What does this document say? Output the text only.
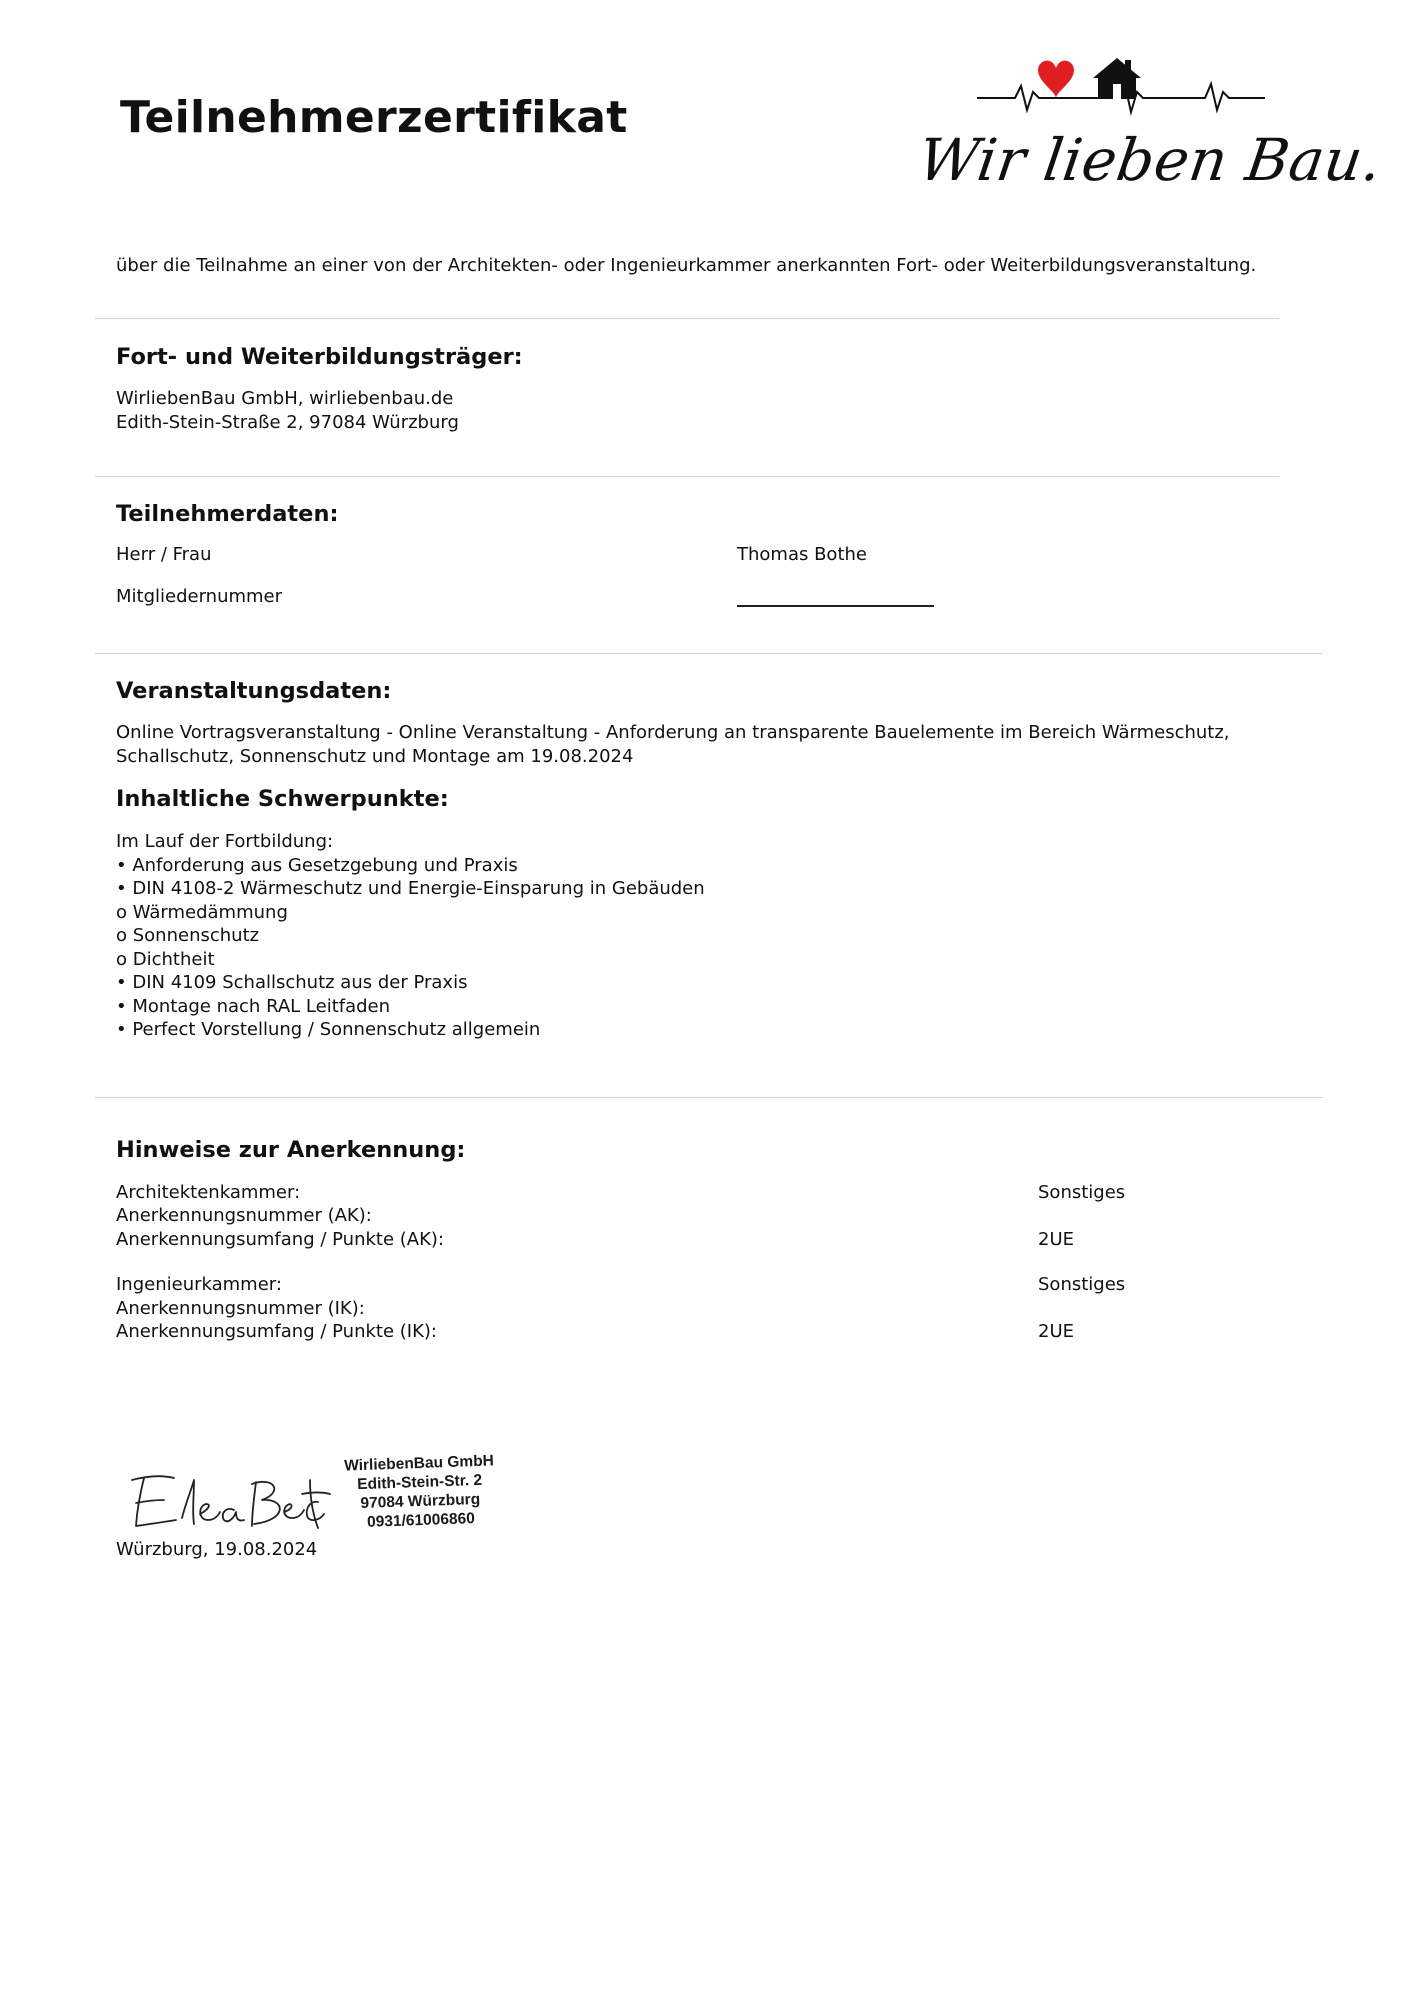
Teilnehmerzertifikat
Wir lieben Bau.
über die Teilnahme an einer von der Architekten- oder Ingenieurkammer anerkannten Fort- oder Weiterbildungsveranstaltung.
Fort- und Weiterbildungsträger:
WirliebenBau GmbH, wirliebenbau.de
Edith-Stein-Straße 2, 97084 Würzburg
Teilnehmerdaten:
Herr / Frau	Thomas Bothe
Mitgliedernummer
Veranstaltungsdaten:
Online Vortragsveranstaltung - Online Veranstaltung - Anforderung an transparente Bauelemente im Bereich Wärmeschutz,
Schallschutz, Sonnenschutz und Montage am 19.08.2024
Inhaltliche Schwerpunkte:
Im Lauf der Fortbildung:
• Anforderung aus Gesetzgebung und Praxis
• DIN 4108-2 Wärmeschutz und Energie-Einsparung in Gebäuden
o Wärmedämmung
o Sonnenschutz
o Dichtheit
• DIN 4109 Schallschutz aus der Praxis
• Montage nach RAL Leitfaden
• Perfect Vorstellung / Sonnenschutz allgemein
Hinweise zur Anerkennung:
Architektenkammer:	Sonstiges
Anerkennungsnummer (AK):
Anerkennungsumfang / Punkte (AK):	2UE
Ingenieurkammer:	Sonstiges
Anerkennungsnummer (IK):
Anerkennungsumfang / Punkte (IK):	2UE
WirliebenBau GmbH
Edith-Stein-Str. 2
97084 Würzburg
0931/61006860
Würzburg, 19.08.2024
